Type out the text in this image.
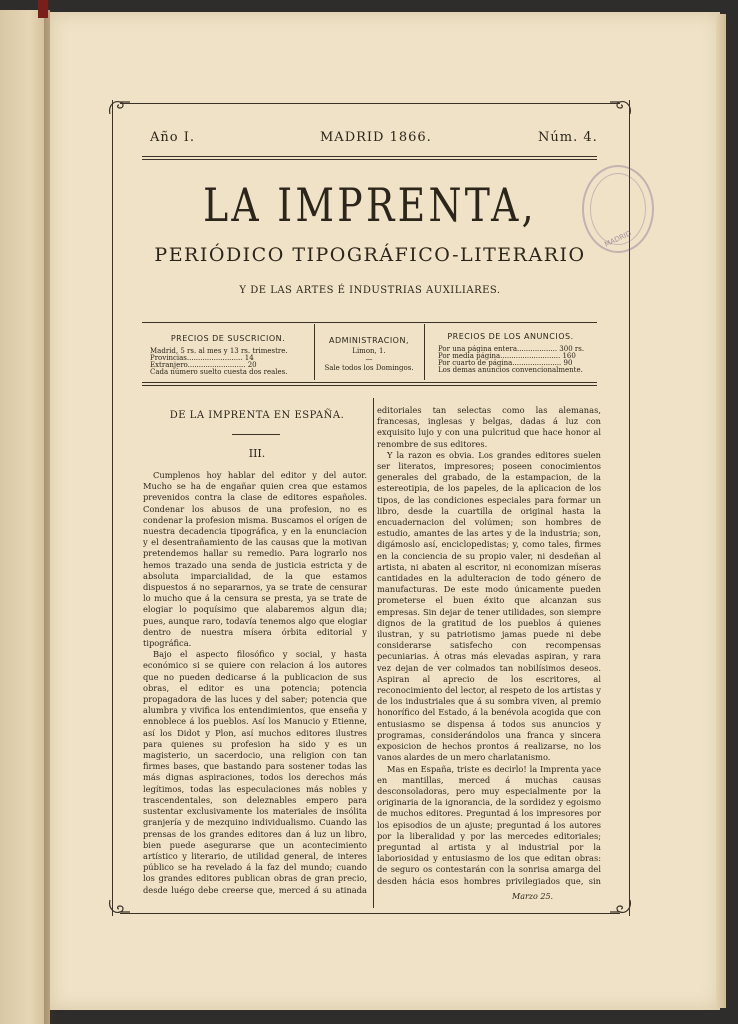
Año I.	MADRID 1866.	Núm. 4.
LA IMPRENTA,
PERIÓDICO TIPOGRÁFICO-LITERARIO
Y DE LAS ARTES É INDUSTRIAS AUXILIARES.
MADRID
PRECIOS DE SUSCRICION.
Madrid, 5 rs. al mes y 13 rs. trimestre.
Provincias......................... 14
Extranjero.......................... 20
Cada número suelto cuesta dos reales.
ADMINISTRACION,
Limon, 1.
—
Sale todos los Domingos.
PRECIOS DE LOS ANUNCIOS.
Por una página entera.................. 300 rs.
Por media página........................... 160
Por cuarto de página...................... 90
Los demas anuncios convencionalmente.
DE LA IMPRENTA EN ESPAÑA.
III.

Cumplenos hoy hablar del editor y del autor. Mucho se ha de engañar quien crea que estamos prevenidos contra la clase de editores españoles. Condenar los abusos de una profesion, no es condenar la profesion misma. Buscamos el orígen de nuestra decadencia tipográfica, y en la enunciacion y el desentrañamiento de las causas que la motivan pretendemos hallar su remedio. Para lograrlo nos hemos trazado una senda de justicia estricta y de absoluta imparcialidad, de la que estamos dispuestos á no separarnos, ya se trate de censurar lo mucho que á la censura se presta, ya se trate de elogiar lo poquísimo que alabaremos algun dia; pues, aunque raro, todavía tenemos algo que elogiar dentro de nuestra mísera órbita editorial y tipográfica.

Bajo el aspecto filosófico y social, y hasta económico si se quiere con relacion á los autores que no pueden dedicarse á la publicacion de sus obras, el editor es una potencia; potencia propagadora de las luces y del saber; potencia que alumbra y vivifica los entendimientos, que enseña y ennoblece á los pueblos. Así los Manucio y Etienne, así los Didot y Plon, así muchos editores ilustres para quienes su profesion ha sido y es un magisterio, un sacerdocio, una religion con tan firmes bases, que bastando para sostener todas las más dignas aspiraciones, todos los derechos más legítimos, todas las especulaciones más nobles y trascendentales, son deleznables empero para sustentar exclusivamente los materiales de insólita granjería y de mezquino individualismo. Cuando las prensas de los grandes editores dan á luz un libro, bien puede asegurarse que un acontecimiento artístico y literario, de utilidad general, de interes público se ha revelado á la faz del mundo; cuando los grandes editores publican obras de gran precio, desde luégo debe creerse que, merced á su atinada

editoriales tan selectas como las alemanas, francesas, inglesas y belgas, dadas á luz con exquisito lujo y con una pulcritud que hace honor al renombre de sus editores.

Y la razon es obvia. Los grandes editores suelen ser literatos, impresores; poseen conocimientos generales del grabado, de la estampacion, de la estereotipia, de los papeles, de la aplicacion de los tipos, de las condiciones especiales para formar un libro, desde la cuartilla de original hasta la encuadernacion del volúmen; son hombres de estudio, amantes de las artes y de la industria; son, digámoslo así, enciclopedistas; y, como tales, firmes en la conciencia de su propio valer, ni desdeñan al artista, ni abaten al escritor, ni economizan míseras cantidades en la adulteracion de todo género de manufacturas. De este modo únicamente pueden prometerse el buen éxito que alcanzan sus empresas. Sin dejar de tener utilidades, son siempre dignos de la gratitud de los pueblos á quienes ilustran, y su patriotismo jamas puede ni debe considerarse satisfecho con recompensas pecuniarias. Á otras más elevadas aspiran, y rara vez dejan de ver colmados tan nobilísimos deseos. Aspiran al aprecio de los escritores, al reconocimiento del lector, al respeto de los artistas y de los industriales que á su sombra viven, al premio honorífico del Estado, á la benévola acogida que con entusiasmo se dispensa á todos sus anuncios y programas, considerándolos una franca y sincera exposicion de hechos prontos á realizarse, no los vanos alardes de un mero charlatanismo.

Mas en España, triste es decirlo! la Imprenta yace en mantillas, merced á muchas causas desconsoladoras, pero muy especialmente por la originaria de la ignorancia, de la sordidez y egoismo de muchos editores. Preguntad á los impresores por los episodios de un ajuste; preguntad á los autores por la liberalidad y por las mercedes editoriales; preguntad al artista y al industrial por la laboriosidad y entusiasmo de los que editan obras: de seguro os contestarán con la sonrisa amarga del desden hácia esos hombres privilegiados que, sin

Marzo 25.
